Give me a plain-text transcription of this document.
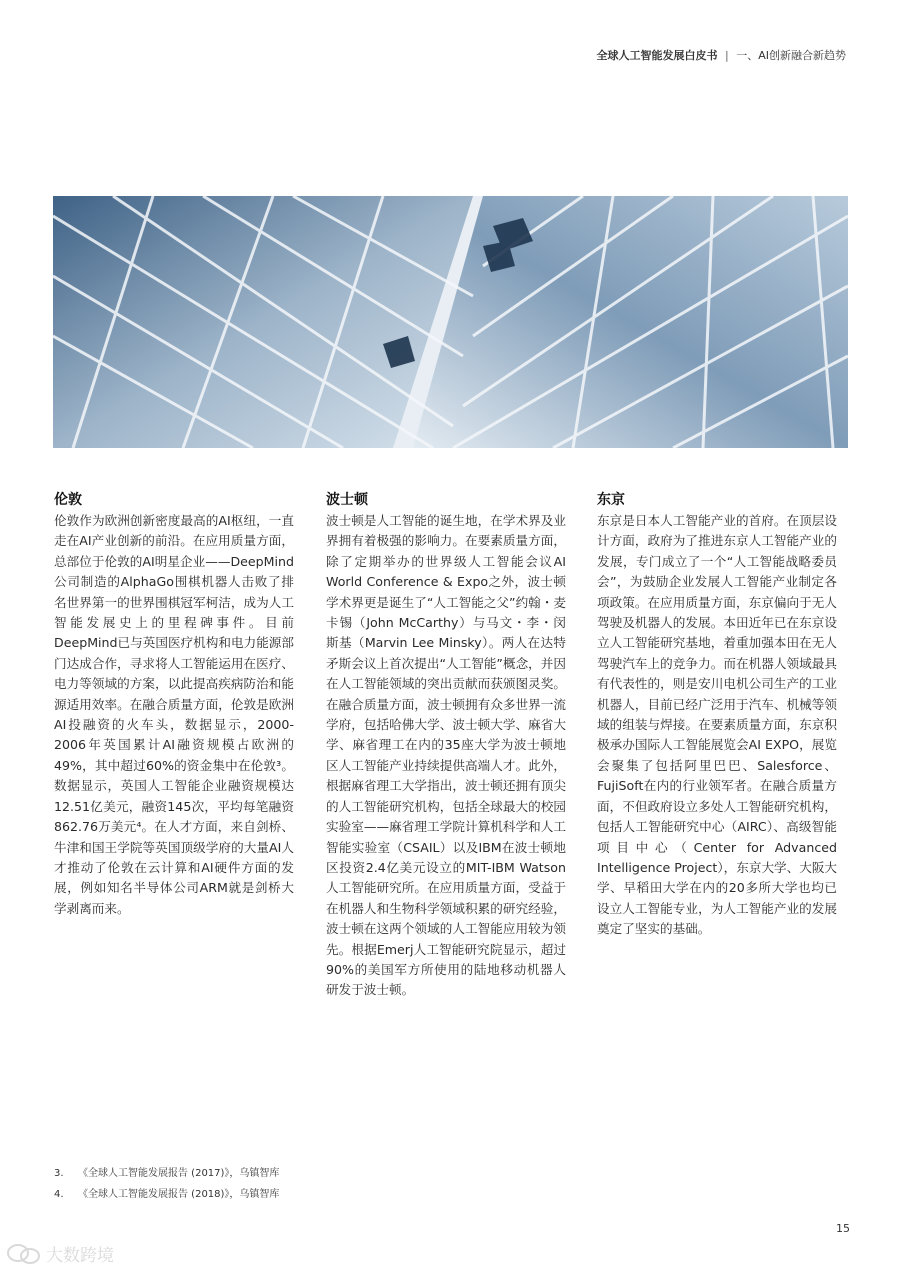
全球人工智能发展白皮书 | 一、AI创新融合新趋势
伦敦

伦敦作为欧洲创新密度最高的AI枢纽，一直走在AI产业创新的前沿。在应用质量方面，总部位于伦敦的AI明星企业——DeepMind公司制造的AlphaGo围棋机器人击败了排名世界第一的世界围棋冠军柯洁，成为人工智能发展史上的里程碑事件。目前DeepMind已与英国医疗机构和电力能源部门达成合作，寻求将人工智能运用在医疗、电力等领域的方案，以此提高疾病防治和能源适用效率。在融合质量方面，伦敦是欧洲AI投融资的火车头，数据显示，2000-2006年英国累计AI融资规模占欧洲的49%，其中超过60%的资金集中在伦敦³。数据显示，英国人工智能企业融资规模达12.51亿美元，融资145次，平均每笔融资862.76万美元⁴。在人才方面，来自剑桥、牛津和国王学院等英国顶级学府的大量AI人才推动了伦敦在云计算和AI硬件方面的发展，例如知名半导体公司ARM就是剑桥大学剥离而来。

波士顿

波士顿是人工智能的诞生地，在学术界及业界拥有着极强的影响力。在要素质量方面，除了定期举办的世界级人工智能会议AI World Conference & Expo之外，波士顿学术界更是诞生了“人工智能之父”约翰・麦卡锡（John McCarthy）与马文・李・闵斯基（Marvin Lee Minsky）。两人在达特矛斯会议上首次提出“人工智能”概念，并因在人工智能领域的突出贡献而获颁图灵奖。在融合质量方面，波士顿拥有众多世界一流学府，包括哈佛大学、波士顿大学、麻省大学、麻省理工在内的35座大学为波士顿地区人工智能产业持续提供高端人才。此外，根据麻省理工大学指出，波士顿还拥有顶尖的人工智能研究机构，包括全球最大的校园实验室——麻省理工学院计算机科学和人工智能实验室（CSAIL）以及IBM在波士顿地区投资2.4亿美元设立的MIT-IBM Watson人工智能研究所。在应用质量方面，受益于在机器人和生物科学领域积累的研究经验，波士顿在这两个领域的人工智能应用较为领先。根据Emerj人工智能研究院显示，超过90%的美国军方所使用的陆地移动机器人研发于波士顿。

东京

东京是日本人工智能产业的首府。在顶层设计方面，政府为了推进东京人工智能产业的发展，专门成立了一个“人工智能战略委员会”，为鼓励企业发展人工智能产业制定各项政策。在应用质量方面，东京偏向于无人驾驶及机器人的发展。本田近年已在东京设立人工智能研究基地，着重加强本田在无人驾驶汽车上的竞争力。而在机器人领域最具有代表性的，则是安川电机公司生产的工业机器人，目前已经广泛用于汽车、机械等领域的组装与焊接。在要素质量方面，东京积极承办国际人工智能展览会AI EXPO，展览会聚集了包括阿里巴巴、Salesforce、FujiSoft在内的行业领军者。在融合质量方面，不但政府设立多处人工智能研究机构，包括人工智能研究中心（AIRC）、高级智能项目中心（Center for Advanced Intelligence Project），东京大学、大阪大学、早稻田大学在内的20多所大学也均已设立人工智能专业，为人工智能产业的发展奠定了坚实的基础。

3. 《全球人工智能发展报告 (2017)》，乌镇智库
4. 《全球人工智能发展报告 (2018)》，乌镇智库
15
大数跨境
